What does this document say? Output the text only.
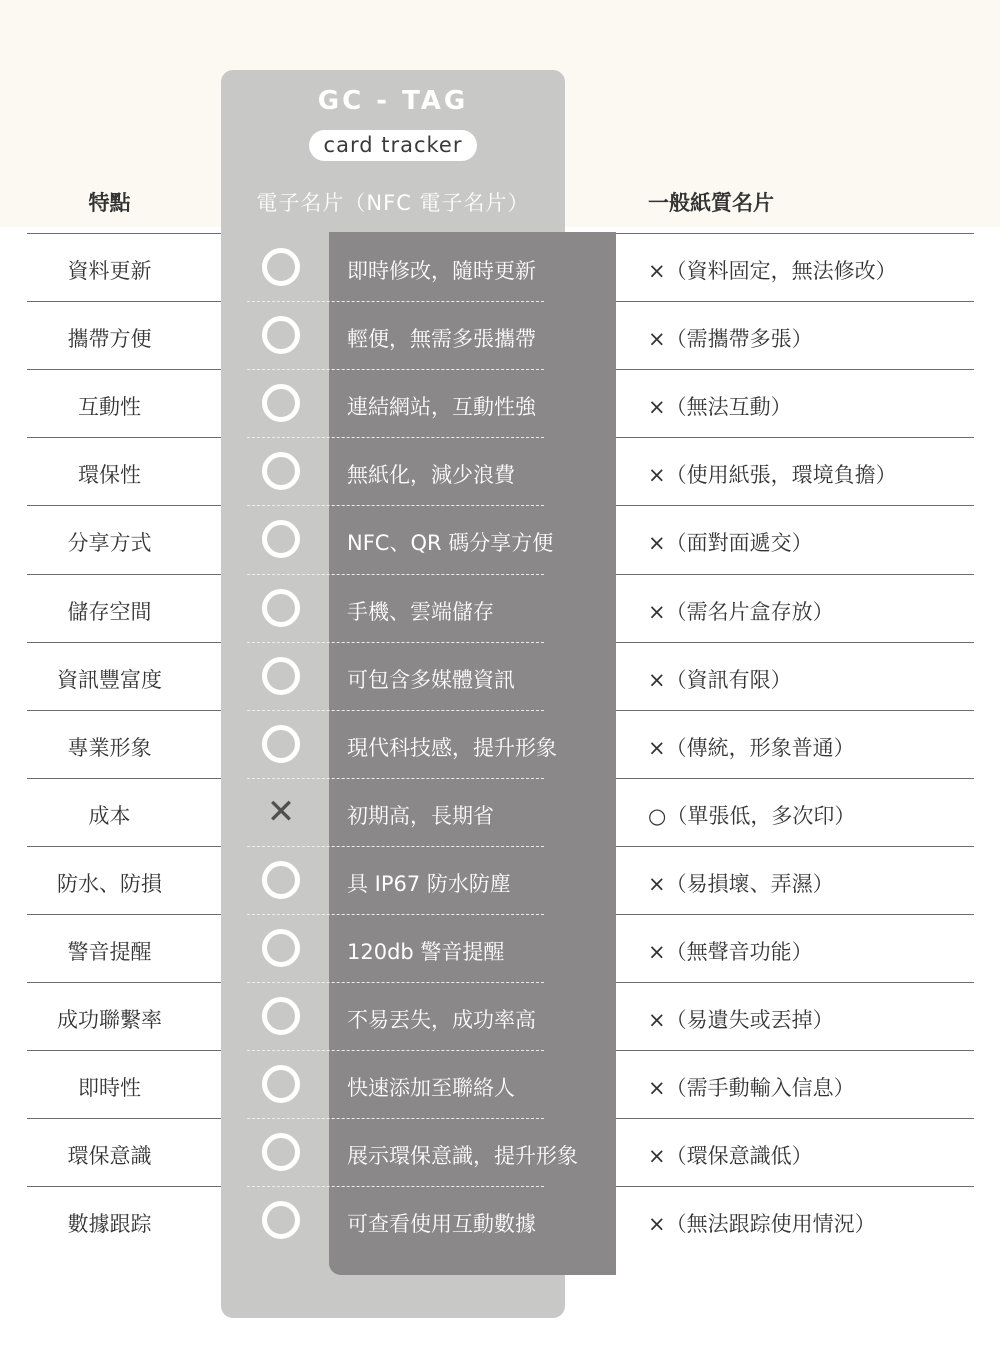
GC - TAG
card tracker
特點	電子名片（NFC 電子名片）	一般紙質名片
資料更新	即時修改，隨時更新	×（資料固定，無法修改）
攜帶方便	輕便，無需多張攜帶	×（需攜帶多張）
互動性	連結網站，互動性強	×（無法互動）
環保性	無紙化，減少浪費	×（使用紙張，環境負擔）
分享方式	NFC、QR 碼分享方便	×（面對面遞交）
儲存空間	手機、雲端儲存	×（需名片盒存放）
資訊豐富度	可包含多媒體資訊	×（資訊有限）
專業形象	現代科技感，提升形象	×（傳統，形象普通）
成本	✕ 初期高，長期省	○（單張低，多次印）
防水、防損	具 IP67 防水防塵	×（易損壞、弄濕）
警音提醒	120db 警音提醒	×（無聲音功能）
成功聯繫率	不易丟失，成功率高	×（易遺失或丟掉）
即時性	快速添加至聯絡人	×（需手動輸入信息）
環保意識	展示環保意識，提升形象	×（環保意識低）
數據跟踪	可查看使用互動數據	×（無法跟踪使用情況）
